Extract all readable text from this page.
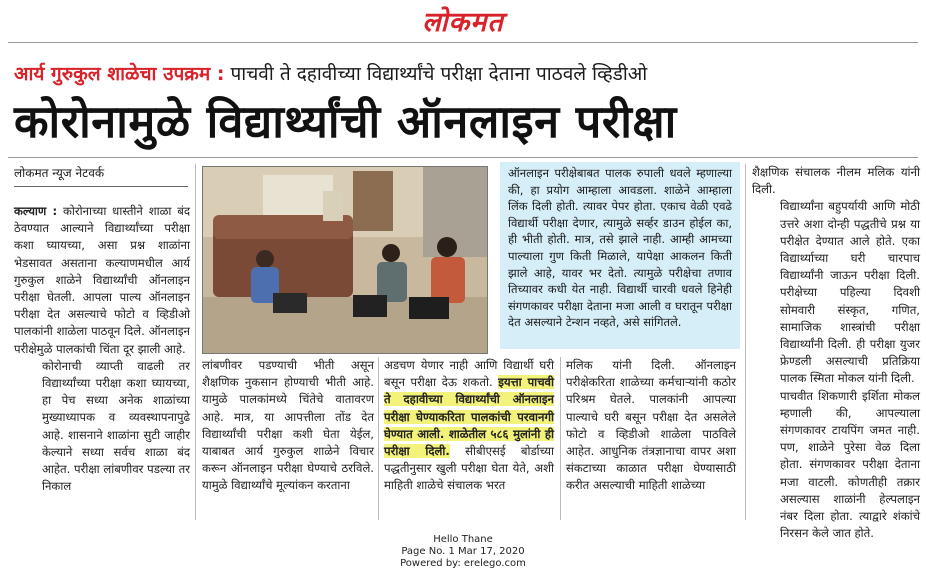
लोकमत
आर्य गुरुकुल शाळेचा उपक्रम : पाचवी ते दहावीच्या विद्यार्थ्यांचे परीक्षा देताना पाठवले व्हिडीओ
कोरोनामुळे विद्यार्थ्यांची ऑनलाइन परीक्षा
लोकमत न्यूज नेटवर्क

कल्याण : कोरोनाच्या धास्तीने शाळा बंद ठेवण्यात आल्याने विद्यार्थ्यांच्या परीक्षा कशा घ्यायच्या, असा प्रश्न शाळांना भेडसावत असताना कल्याणमधील आर्य गुरुकुल शाळेने विद्यार्थ्यांची ऑनलाइन परीक्षा घेतली. आपला पाल्य ऑनलाइन परीक्षा देत असल्याचे फोटो व व्हिडीओ पालकांनी शाळेला पाठवून दिले. ऑनलाइन परीक्षेमुळे पालकांची चिंता दूर झाली आहे.

कोरोनाची व्याप्ती वाढली तर विद्यार्थ्यांच्या परीक्षा कशा घ्यायच्या, हा पेच सध्या अनेक शाळांच्या मुख्याध्यापक व व्यवस्थापनापुढे आहे. शासनाने शाळांना सुटी जाहीर केल्याने सध्या सर्वच शाळा बंद आहेत. परीक्षा लांबणीवर पडल्या तर निकाल

ऑनलाइन परीक्षेबाबत पालक रुपाली धवले म्हणाल्या की, हा प्रयोग आम्हाला आवडला. शाळेने आम्हाला लिंक दिली होती. त्यावर पेपर होता. एकाच वेळी एवढे विद्यार्थी परीक्षा देणार, त्यामुळे सर्व्हर डाउन होईल का, ही भीती होती. मात्र, तसे झाले नाही. आम्ही आमच्या पाल्याला गुण किती मिळाले, यापेक्षा आकलन किती झाले आहे, यावर भर देतो. त्यामुळे परीक्षेचा तणाव तिच्यावर कधी येत नाही. विद्यार्थी चारवी धवले हिनेही संगणकावर परीक्षा देताना मजा आली व घरातून परीक्षा देत असल्याने टेन्शन नव्हते, असे सांगितले.
लांबणीवर पडण्याची भीती असून शैक्षणिक नुकसान होण्याची भीती आहे. यामुळे पालकांमध्ये चिंतेचे वातावरण आहे. मात्र, या आपत्तीला तोंड देत विद्यार्थ्यांची परीक्षा कशी घेता येईल, याबाबत आर्य गुरुकुल शाळेने विचार करून ऑनलाइन परीक्षा घेण्याचे ठरविले. यामुळे विद्यार्थ्यांचे मूल्यांकन करताना
अडचण येणार नाही आणि विद्यार्थी घरी बसून परीक्षा देऊ शकतो. इयत्ता पाचवी ते दहावीच्या विद्यार्थ्यांची ऑनलाइन परीक्षा घेण्याकरिता पालकांची परवानगी घेण्यात आली. शाळेतील ५८६ मुलांनी ही परीक्षा दिली. सीबीएसई बोर्डाच्या पद्धतीनुसार खुली परीक्षा घेता येते, अशी माहिती शाळेचे संचालक भरत
मलिक यांनी दिली. ऑनलाइन परीक्षेकरिता शाळेच्या कर्मचाऱ्यांनी कठोर परिश्रम घेतले. पालकांनी आपल्या पाल्याचे घरी बसून परीक्षा देत असलेले फोटो व व्हिडीओ शाळेला पाठविले आहेत. आधुनिक तंत्रज्ञानाचा वापर अशा संकटाच्या काळात परीक्षा घेण्यासाठी करीत असल्याची माहिती शाळेच्या

शैक्षणिक संचालक नीलम मलिक यांनी दिली.

विद्यार्थ्यांना बहुपर्यायी आणि मोठी उत्तरे अशा दोन्ही पद्धतीचे प्रश्न या परीक्षेत देण्यात आले होते. एका विद्यार्थ्याच्या घरी चारपाच विद्यार्थ्यांनी जाऊन परीक्षा दिली. परीक्षेच्या पहिल्या दिवशी सोमवारी संस्कृत, गणित, सामाजिक शास्त्रांची परीक्षा विद्यार्थ्यांनी दिली. ही परीक्षा युजर फ्रेण्डली असल्याची प्रतिक्रिया पालक स्मिता मोकल यांनी दिली.

पाचवीत शिकणारी इर्शिता मोकल म्हणाली की, आपल्याला संगणकावर टायपिंग जमत नाही. पण, शाळेने पुरेसा वेळ दिला होता. संगणकावर परीक्षा देताना मजा वाटली. कोणतीही तक्रार असल्यास शाळांनी हेल्पलाइन नंबर दिला होता. त्याद्वारे शंकांचे निरसन केले जात होते.

Hello Thane
Page No. 1 Mar 17, 2020
Powered by: erelego.com
